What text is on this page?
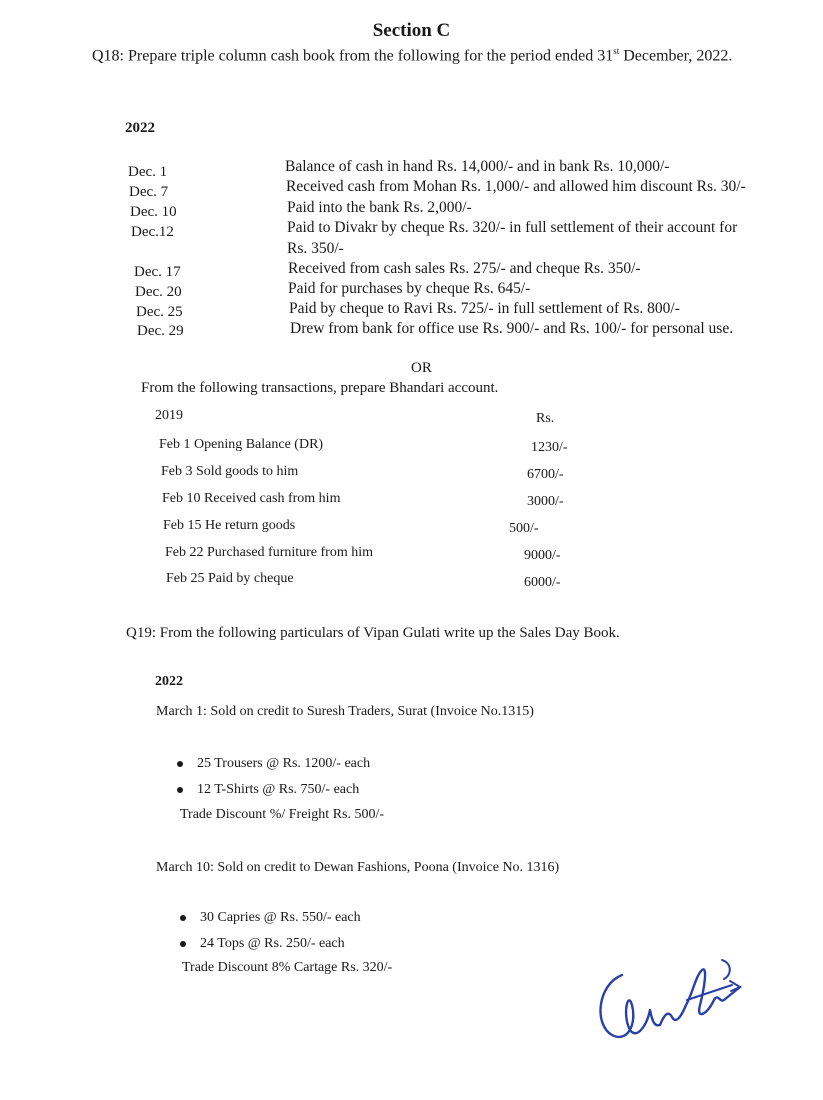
Section C
Q18: Prepare triple column cash book from the following for the period ended 31st December, 2022.
2022
Dec. 1	Balance of cash in hand Rs. 14,000/- and in bank Rs. 10,000/-
Dec. 7	Received cash from Mohan Rs. 1,000/- and allowed him discount Rs. 30/-
Dec. 10	Paid into the bank Rs. 2,000/-
Dec.12	Paid to Divakr by cheque Rs. 320/- in full settlement of their account for
Rs. 350/-
Dec. 17	Received from cash sales Rs. 275/- and cheque Rs. 350/-
Dec. 20	Paid for purchases by cheque Rs. 645/-
Dec. 25	Paid by cheque to Ravi Rs. 725/- in full settlement of Rs. 800/-
Dec. 29	Drew from bank for office use Rs. 900/- and Rs. 100/- for personal use.
OR
From the following transactions, prepare Bhandari account.
2019	Rs.
Feb 1 Opening Balance (DR)	1230/-
Feb 3 Sold goods to him	6700/-
Feb 10 Received cash from him	3000/-
Feb 15 He return goods	500/-
Feb 22 Purchased furniture from him	9000/-
Feb 25 Paid by cheque	6000/-
Q19: From the following particulars of Vipan Gulati write up the Sales Day Book.
2022
March 1: Sold on credit to Suresh Traders, Surat (Invoice No.1315)
25 Trousers @ Rs. 1200/- each
12 T-Shirts @ Rs. 750/- each
Trade Discount %/ Freight Rs. 500/-
March 10: Sold on credit to Dewan Fashions, Poona (Invoice No. 1316)
30 Capries @ Rs. 550/- each
24 Tops @ Rs. 250/- each
Trade Discount 8% Cartage Rs. 320/-
